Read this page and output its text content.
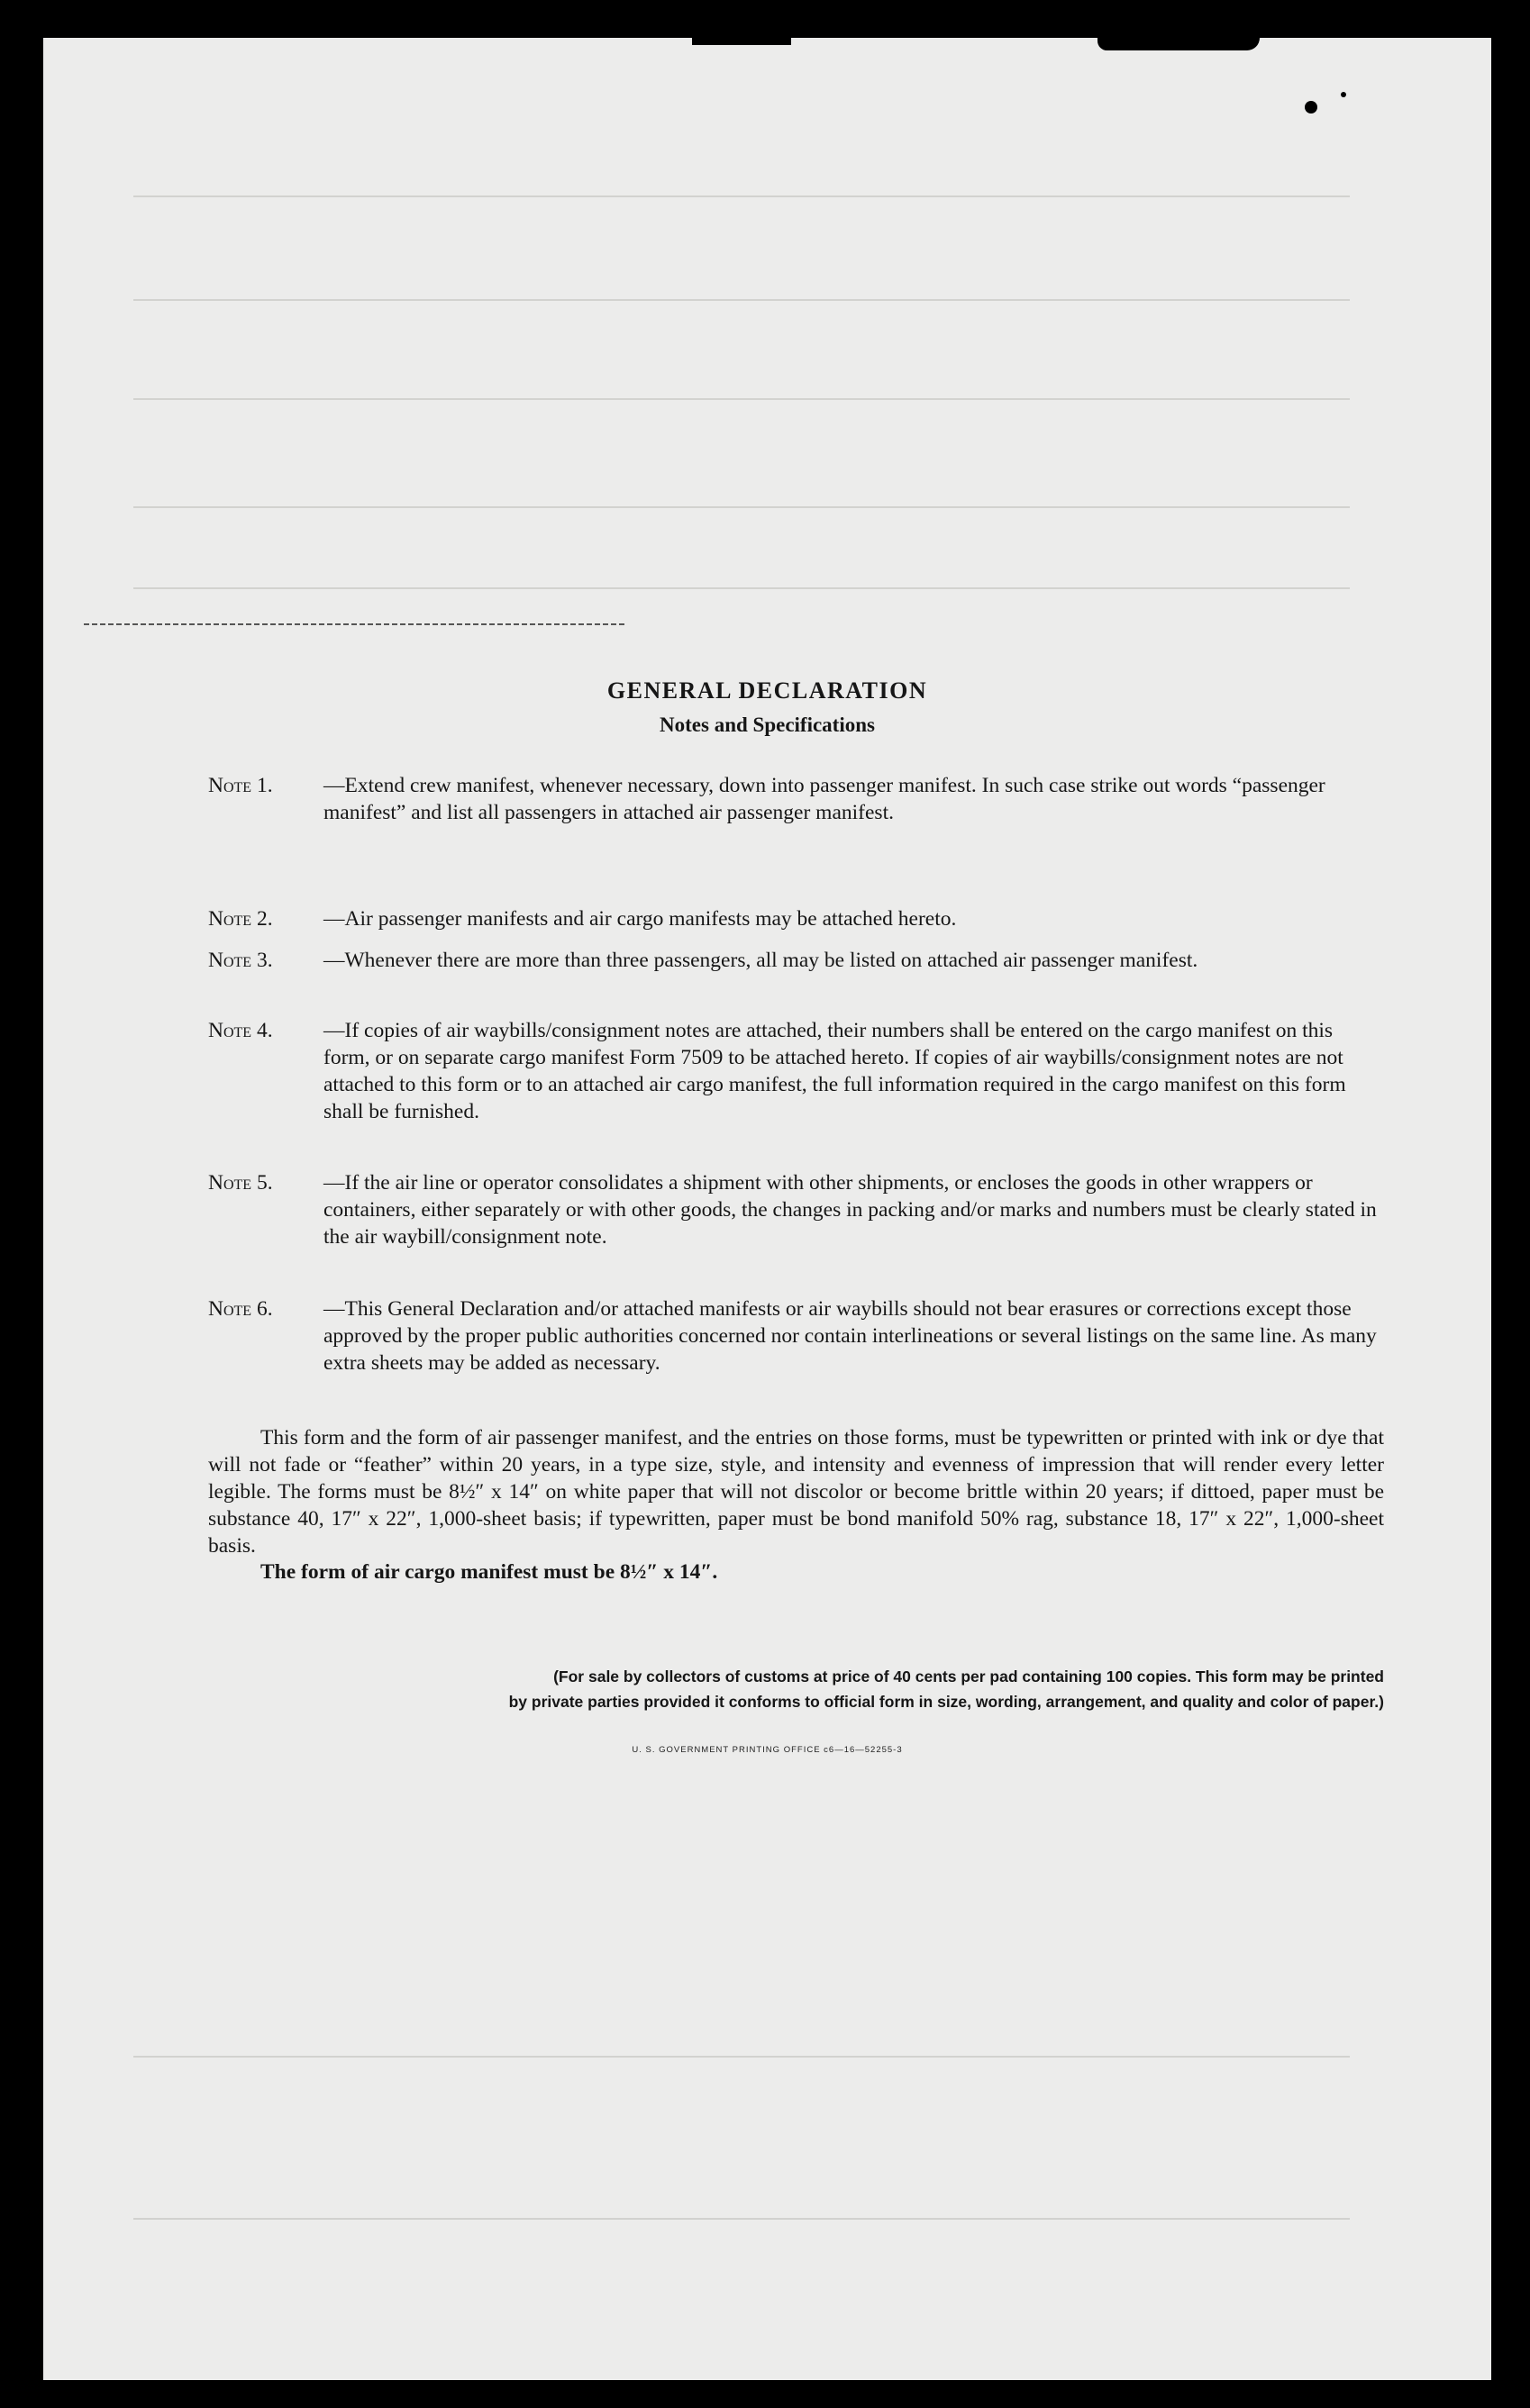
GENERAL DECLARATION
Notes and Specifications
Note 1. —Extend crew manifest, whenever necessary, down into passenger manifest. In such case strike out words “passenger manifest” and list all passengers in attached air passenger manifest.
Note 2. —Air passenger manifests and air cargo manifests may be attached hereto.
Note 3. —Whenever there are more than three passengers, all may be listed on attached air passenger manifest.
Note 4. —If copies of air waybills/consignment notes are attached, their numbers shall be entered on the cargo manifest on this form, or on separate cargo manifest Form 7509 to be attached hereto. If copies of air waybills/consignment notes are not attached to this form or to an attached air cargo manifest, the full information required in the cargo manifest on this form shall be furnished.
Note 5. —If the air line or operator consolidates a shipment with other shipments, or encloses the goods in other wrappers or containers, either separately or with other goods, the changes in packing and/or marks and numbers must be clearly stated in the air waybill/consignment note.
Note 6. —This General Declaration and/or attached manifests or air waybills should not bear erasures or corrections except those approved by the proper public authorities concerned nor contain interlineations or several listings on the same line. As many extra sheets may be added as necessary.
This form and the form of air passenger manifest, and the entries on those forms, must be typewritten or printed with ink or dye that will not fade or “feather” within 20 years, in a type size, style, and intensity and evenness of impression that will render every letter legible. The forms must be 8½″ x 14″ on white paper that will not discolor or become brittle within 20 years; if dittoed, paper must be substance 40, 17″ x 22″, 1,000-sheet basis; if typewritten, paper must be bond manifold 50% rag, substance 18, 17″ x 22″, 1,000-sheet basis.
The form of air cargo manifest must be 8½″ x 14″.
(For sale by collectors of customs at price of 40 cents per pad containing 100 copies. This form may be printed
by private parties provided it conforms to official form in size, wording, arrangement, and quality and color of paper.)
U. S. GOVERNMENT PRINTING OFFICE c6—16—52255-3
